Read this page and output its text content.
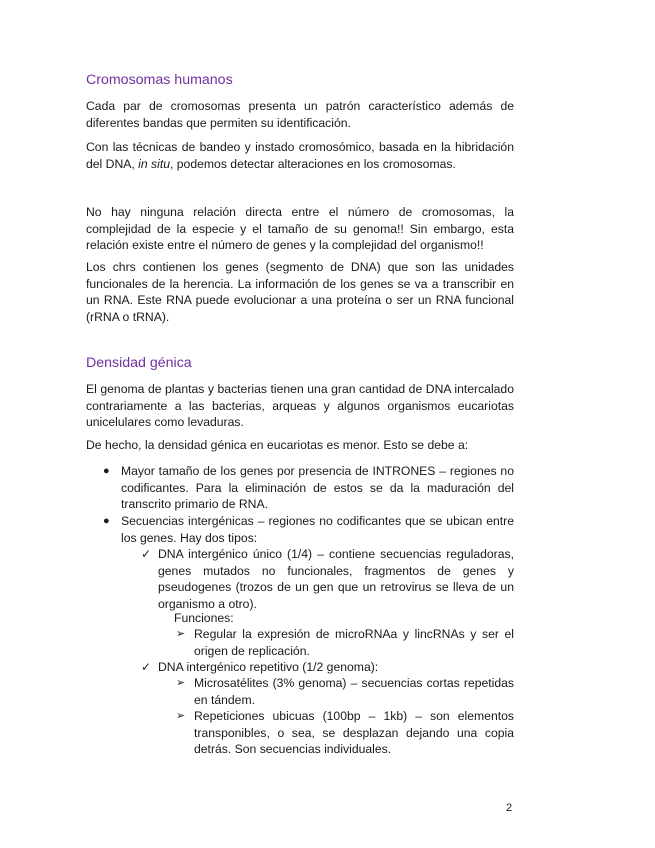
Cromosomas humanos

Cada par de cromosomas presenta un patrón característico además de diferentes bandas que permiten su identificación.

Con las técnicas de bandeo y instado cromosómico, basada en la hibridación del DNA, in situ, podemos detectar alteraciones en los cromosomas.

No hay ninguna relación directa entre el número de cromosomas, la complejidad de la especie y el tamaño de su genoma!! Sin embargo, esta relación existe entre el número de genes y la complejidad del organismo!!

Los chrs contienen los genes (segmento de DNA) que son las unidades funcionales de la herencia. La información de los genes se va a transcribir en un RNA. Este RNA puede evolucionar a una proteína o ser un RNA funcional (rRNA o tRNA).

Densidad génica

El genoma de plantas y bacterias tienen una gran cantidad de DNA intercalado contrariamente a las bacterias, arqueas y algunos organismos eucariotas unicelulares como levaduras.

De hecho, la densidad génica en eucariotas es menor. Esto se debe a:

● Mayor tamaño de los genes por presencia de INTRONES – regiones no codificantes. Para la eliminación de estos se da la maduración del transcrito primario de RNA.
● Secuencias intergénicas – regiones no codificantes que se ubican entre los genes. Hay dos tipos:
✓ DNA intergénico único (1/4) – contiene secuencias reguladoras, genes mutados no funcionales, fragmentos de genes y pseudogenes (trozos de un gen que un retrovirus se lleva de un organismo a otro).
Funciones:
➢ Regular la expresión de microRNAa y lincRNAs y ser el origen de replicación.
✓ DNA intergénico repetitivo (1/2 genoma):
➢ Microsatélites (3% genoma) – secuencias cortas repetidas en tándem.
➢ Repeticiones ubicuas (100bp – 1kb) – son elementos transponibles, o sea, se desplazan dejando una copia detrás. Son secuencias individuales.
2
